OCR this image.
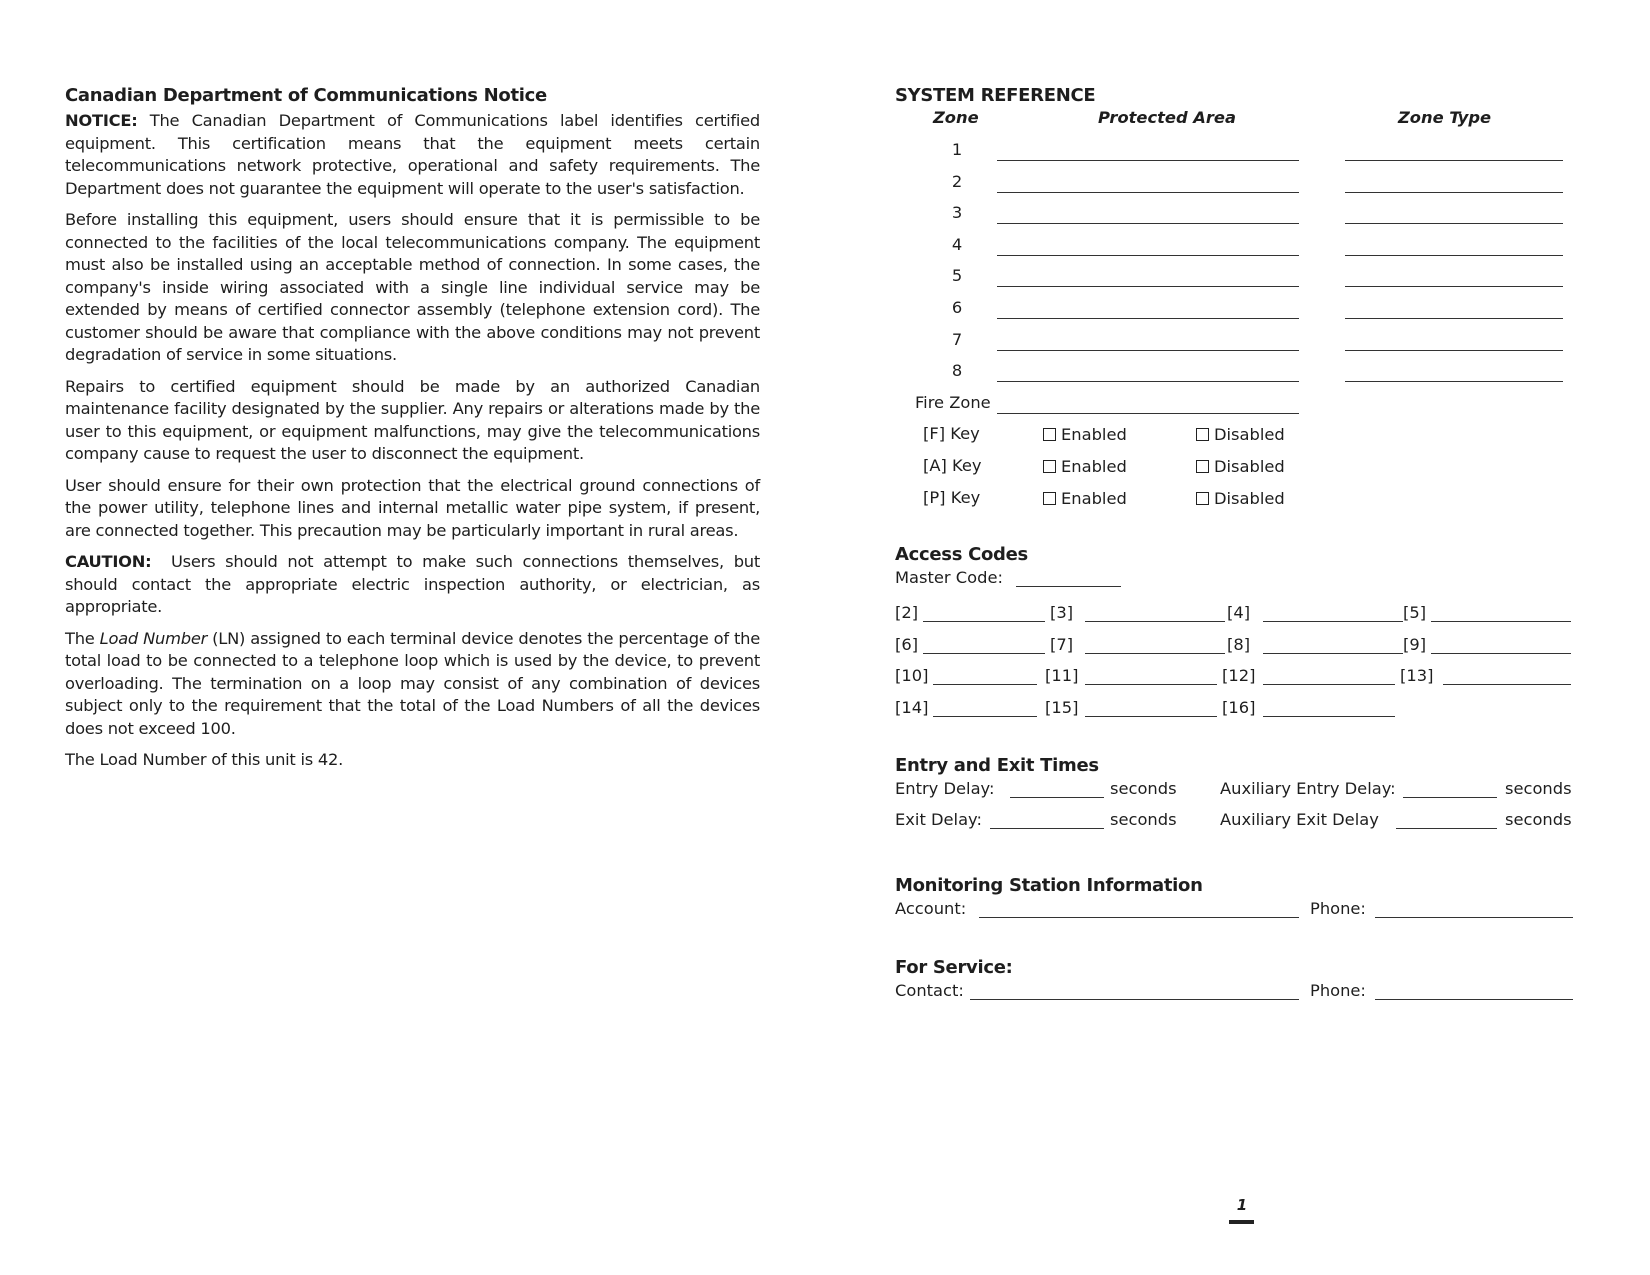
Canadian Department of Communications Notice

NOTICE: The Canadian Department of Communications label identifies certified equipment. This certification means that the equipment meets certain telecommunications network protective, operational and safety requirements. The Department does not guarantee the equipment will operate to the user's satisfaction.

Before installing this equipment, users should ensure that it is permissible to be connected to the facilities of the local telecommunications company. The equipment must also be installed using an acceptable method of connection. In some cases, the company's inside wiring associated with a single line individual service may be extended by means of certified connector assembly (telephone extension cord). The customer should be aware that compliance with the above conditions may not prevent degradation of service in some situations.

Repairs to certified equipment should be made by an authorized Canadian maintenance facility designated by the supplier. Any repairs or alterations made by the user to this equipment, or equipment malfunctions, may give the telecommunications company cause to request the user to disconnect the equipment.

User should ensure for their own protection that the electrical ground connections of the power utility, telephone lines and internal metallic water pipe system, if present, are connected together. This precaution may be particularly important in rural areas.

CAUTION:  Users should not attempt to make such connections themselves, but should contact the appropriate electric inspection authority, or electrician, as appropriate.

The Load Number (LN) assigned to each terminal device denotes the percentage of the total load to be connected to a telephone loop which is used by the device, to prevent overloading. The termination on a loop may consist of any combination of devices subject only to the requirement that the total of the Load Numbers of all the devices does not exceed 100.

The Load Number of this unit is 42.

SYSTEM REFERENCE
Zone	Protected Area	Zone Type
1
2
3
4
5
6
7
8
Fire Zone
[F] Key	Enabled	Disabled
[A] Key	Enabled	Disabled
[P] Key	Enabled	Disabled
Access Codes
Master Code:
[2]	[3]	[4]	[5]
[6]	[7]	[8]	[9]
[10]	[11]	[12]	[13]
[14]	[15]	[16]
Entry and Exit Times
Entry Delay:	seconds	Auxiliary Entry Delay:	seconds
Exit Delay:	seconds	Auxiliary Exit Delay	seconds
Monitoring Station Information
Account:	Phone:
For Service:
Contact:	Phone:
1
